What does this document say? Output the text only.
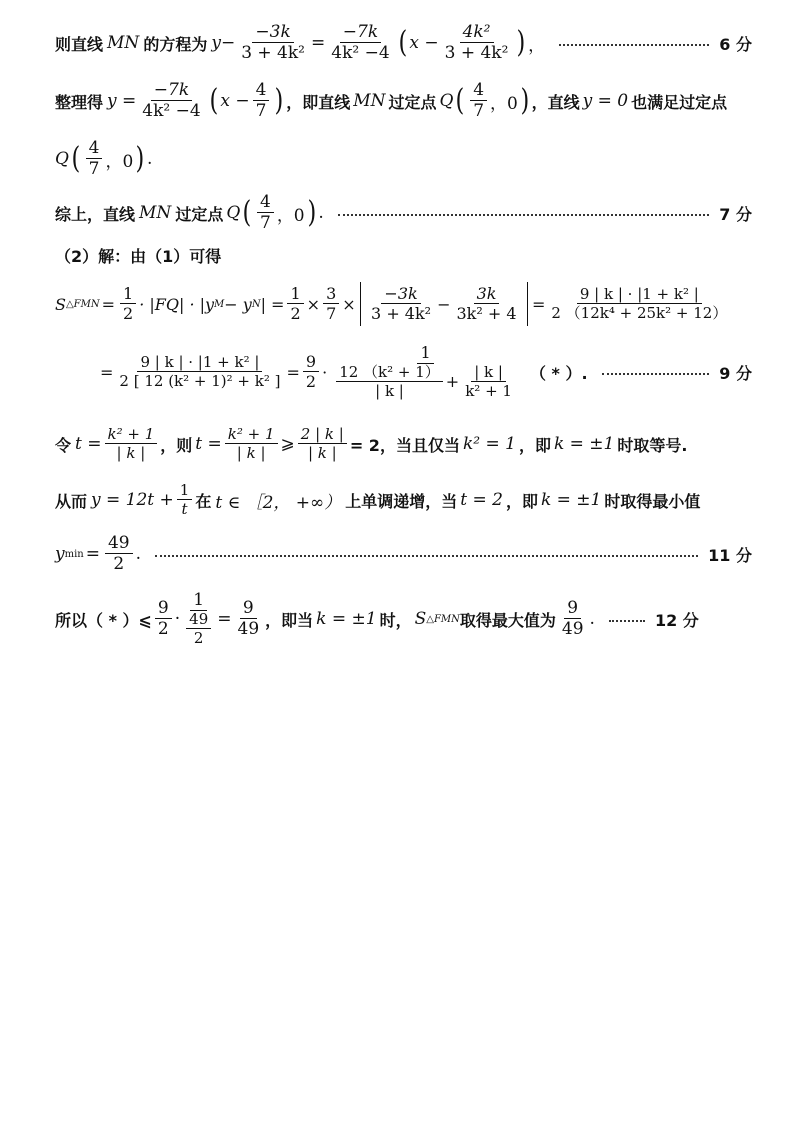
则直线 MN 的方程为 $y - \frac{-3k}{\text{3 + 4k²}} = \frac{-7k}{\text{4k² −4}}$ ( $x - \frac{\text{4k²}}{\text{3 + 4k²}}$ ) ，	6 分
整理得 $y = \frac{-7k}{\text{4k² −4}}$ ( $x - \frac{4}{7}$ ) ，即直线 MN 过定点 Q ( $\frac{4}{7}$ ，0 ) ，直线 y = 0 也满足过定点
Q ( $\frac{4}{7}$ ，0 ) .
综上，直线 MN 过定点 Q ( $\frac{4}{7}$ ，0 ) .	7 分
（2）解：由（1）可得
S △FMN = $\frac{1}{2} \cdot |FQ| \cdot |y$ M − y N | = $\frac{1}{2} \times \frac{3}{7} \times \frac{-3k}{\text{3 + 4k²}} - \frac{3k}{\text{3k² + 4}} = \frac{\text{9 | k | · |1 + k² |}}{\text{2 （12k⁴ + 25k² + 12）}}$
= $\frac{\text{9 | k | · |1 + k² |}}{\text{2 [ 12 (k² + 1)² + k² ]}} = \frac{9}{2} \cdot \frac{1}{\frac{\text{12 （k² + 1）}}{| k |} + \frac{| k |}{\text{k² + 1}}}$ （ * ）.	9 分
令 $t = \frac{\text{k² + 1}}{| k |}$ ，则 $t = \frac{\text{k² + 1}}{| k |}$ ⩾ $\frac{2 | k |}{| k |} = 2$，当且仅当 k² = 1 ，即 k = ±1 时取等号.
从而 $y = 12t + \frac{1}{t}$ 在 t ∈ ［2， +∞） 上单调递增，当 t = 2 ，即 k = ±1 时取得最小值
y $\min = \frac{49}{2}$ .	11 分
所以（ * ）⩽ $\frac{9}{2} \cdot \frac{1}{\frac{49}{2}} = \frac{9}{49}$ ，即当 k = ±1 时， S △FMN 取得最大值为 $\frac{9}{49}$ .	12 分
